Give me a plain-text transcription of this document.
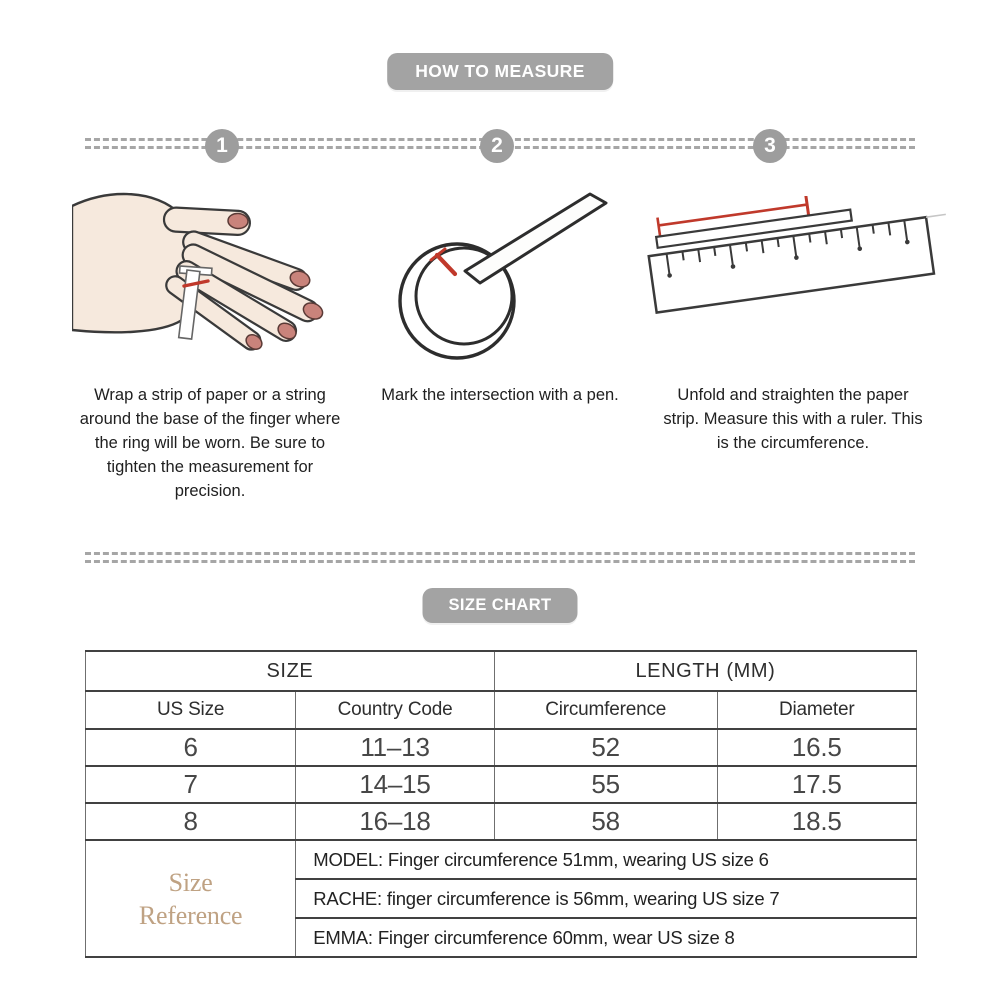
HOW TO MEASURE
1	2	3
Wrap a strip of paper or a string around the base of the finger where the ring will be worn. Be sure to tighten the measurement for precision.
Mark the intersection with a pen.	Unfold and straighten the paper strip. Measure this with a ruler. This is the circumference.
SIZE CHART
SIZE		LENGTH (MM)	
US Size	Country Code	Circumference	Diameter
6	11–13	52	16.5
7	14–15	55	17.5
8	16–18	58	18.5

Size Reference	MODEL: Finger circumference 51mm, wearing US size 6		
	RACHE: finger circumference is 56mm, wearing US size 7		
	EMMA: Finger circumference 60mm, wear US size 8		
